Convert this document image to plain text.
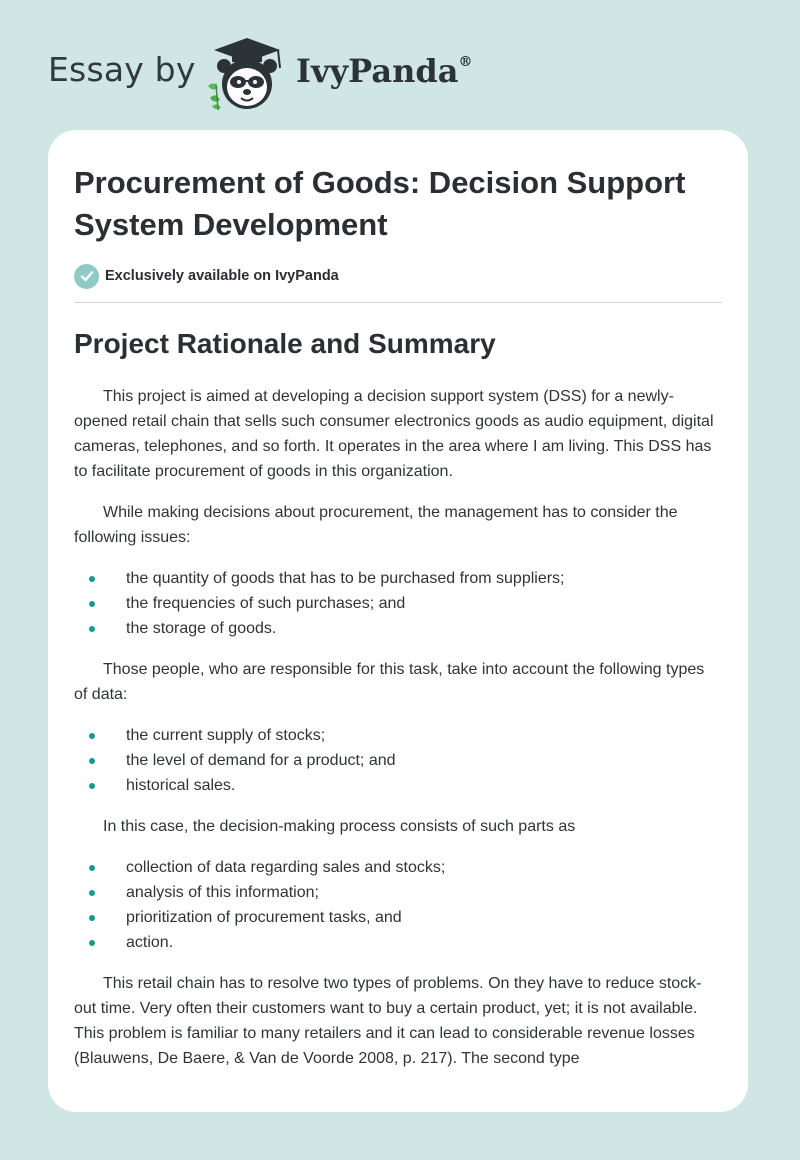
Essay by	IvyPanda®
Procurement of Goods: Decision Support System Development
Exclusively available on IvyPanda
Project Rationale and Summary

This project is aimed at developing a decision support system (DSS) for a newly-opened retail chain that sells such consumer electronics goods as audio equipment, digital cameras, telephones, and so forth. It operates in the area where I am living. This DSS has to facilitate procurement of goods in this organization.

While making decisions about procurement, the management has to consider the following issues:

the quantity of goods that has to be purchased from suppliers;
the frequencies of such purchases; and
the storage of goods.

Those people, who are responsible for this task, take into account the following types of data:

the current supply of stocks;
the level of demand for a product; and
historical sales.

In this case, the decision-making process consists of such parts as

collection of data regarding sales and stocks;
analysis of this information;
prioritization of procurement tasks, and
action.

This retail chain has to resolve two types of problems. On they have to reduce stock-out time. Very often their customers want to buy a certain product, yet; it is not available. This problem is familiar to many retailers and it can lead to considerable revenue losses (Blauwens, De Baere, & Van de Voorde 2008, p. 217). The second type
